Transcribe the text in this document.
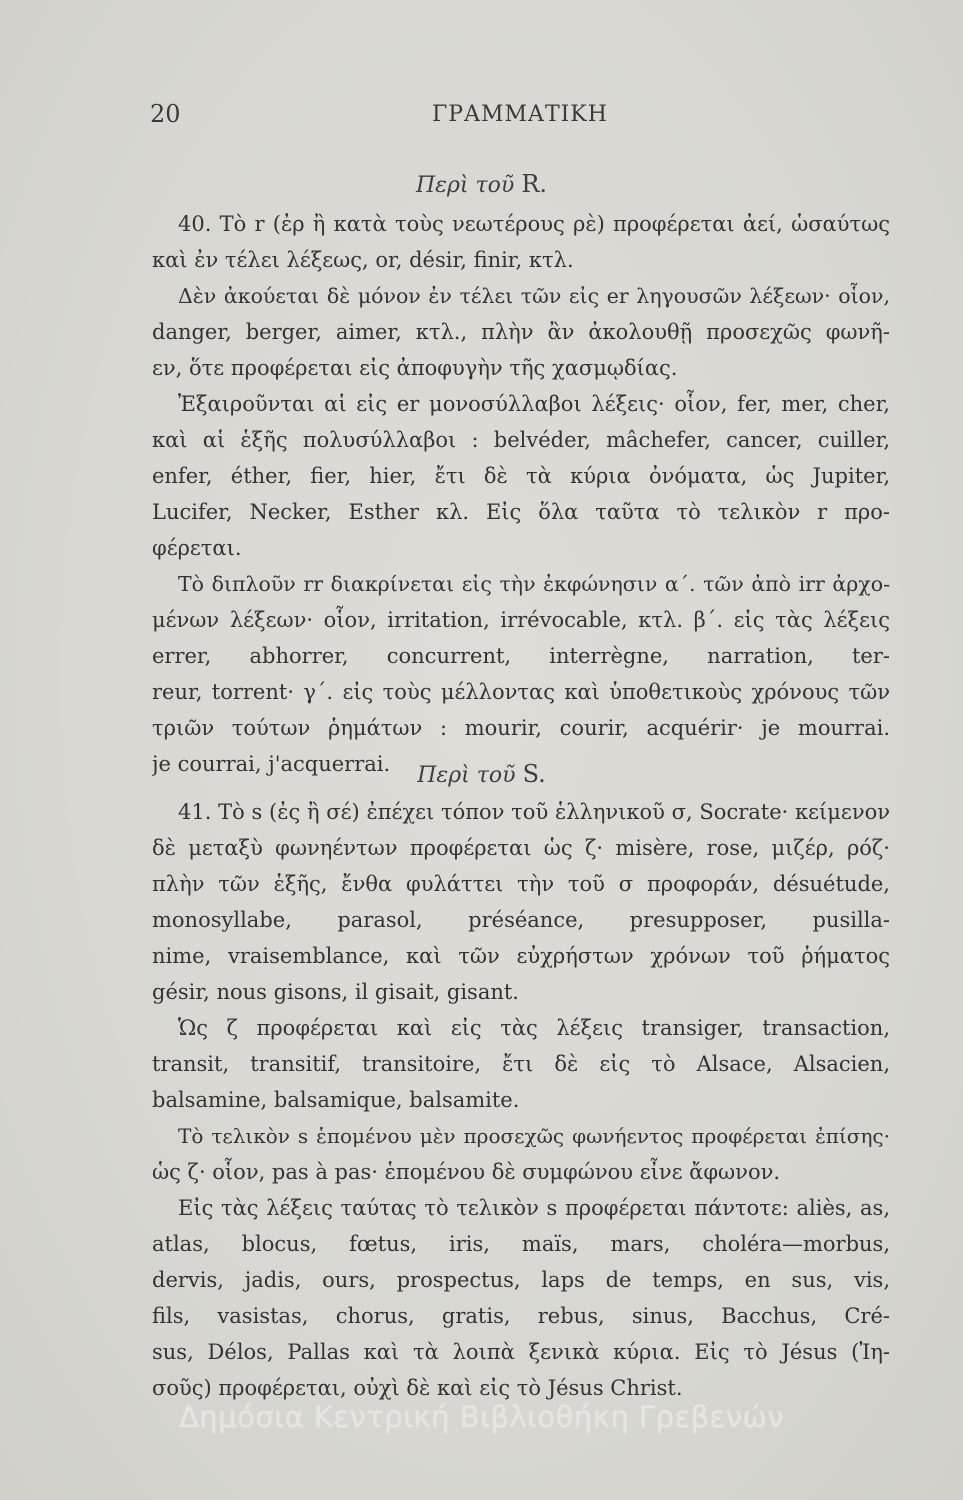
20	ΓΡΑΜΜΑΤΙΚΗ
Περὶ τοῦ R.
40. Τὸ r (ἐρ ἢ κατὰ τοὺς νεωτέρους ρὲ) προφέρεται ἀεί, ὡσαύτως
καὶ ἐν τέλει λέξεως, or, désir, finir, κτλ.
Δὲν ἀκούεται δὲ μόνον ἐν τέλει τῶν εἰς er ληγουσῶν λέξεων· οἷον,
danger, berger, aimer, κτλ., πλὴν ἂν ἀκολουθῇ προσεχῶς φωνῆ-
εν, ὅτε προφέρεται εἰς ἀποφυγὴν τῆς χασμῳδίας.
Ἐξαιροῦνται αἱ εἰς er μονοσύλλαβοι λέξεις· οἷον, fer, mer, cher,
καὶ αἱ ἑξῆς πολυσύλλαβοι : belvéder, mâchefer, cancer, cuiller,
enfer, éther, fier, hier, ἔτι δὲ τὰ κύρια ὀνόματα, ὡς Jupiter,
Lucifer, Necker, Esther κλ. Εἰς ὅλα ταῦτα τὸ τελικὸν r προ-
φέρεται.
Τὸ διπλοῦν rr διακρίνεται εἰς τὴν ἐκφώνησιν α΄. τῶν ἀπὸ irr ἀρχο-
μένων λέξεων· οἷον, irritation, irrévocable, κτλ. β΄. εἰς τὰς λέξεις
errer, abhorrer, concurrent, interrègne, narration, ter-
reur, torrent· γ΄. εἰς τοὺς μέλλοντας καὶ ὑποθετικοὺς χρόνους τῶν
τριῶν τούτων ῥημάτων : mourir, courir, acquérir· je mourrai.
je courrai, j'acquerrai.	Περὶ τοῦ S.
41. Τὸ s (ἐς ἢ σέ) ἐπέχει τόπον τοῦ ἑλληνικοῦ σ, Socrate· κείμενον
δὲ μεταξὺ φωνηέντων προφέρεται ὡς ζ· misère, rose, μιζέρ, ρόζ·
πλὴν τῶν ἑξῆς, ἔνθα φυλάττει τὴν τοῦ σ προφοράν, désuétude,
monosyllabe, parasol, préséance, presupposer, pusilla-
nime, vraisemblance, καὶ τῶν εὐχρήστων χρόνων τοῦ ῥήματος
gésir, nous gisons, il gisait, gisant.
Ὡς ζ προφέρεται καὶ εἰς τὰς λέξεις transiger, transaction,
transit, transitif, transitoire, ἔτι δὲ εἰς τὸ Alsace, Alsacien,
balsamine, balsamique, balsamite.
Τὸ τελικὸν s ἑπομένου μὲν προσεχῶς φωνήεντος προφέρεται ἐπίσης·
ὡς ζ· οἷον, pas à pas· ἑπομένου δὲ συμφώνου εἶνε ἄφωνον.
Εἰς τὰς λέξεις ταύτας τὸ τελικὸν s προφέρεται πάντοτε: aliès, as,
atlas, blocus, fœtus, iris, maïs, mars, choléra—morbus,
dervis, jadis, ours, prospectus, laps de temps, en sus, vis,
fils, vasistas, chorus, gratis, rebus, sinus, Bacchus, Cré-
sus, Délos, Pallas καὶ τὰ λοιπὰ ξενικὰ κύρια. Εἰς τὸ Jésus (Ἰη-
σοῦς) προφέρεται, οὐχὶ δὲ καὶ εἰς τὸ Jésus Christ.
Δημόσια Κεντρική Βιβλιοθήκη Γρεβενών
